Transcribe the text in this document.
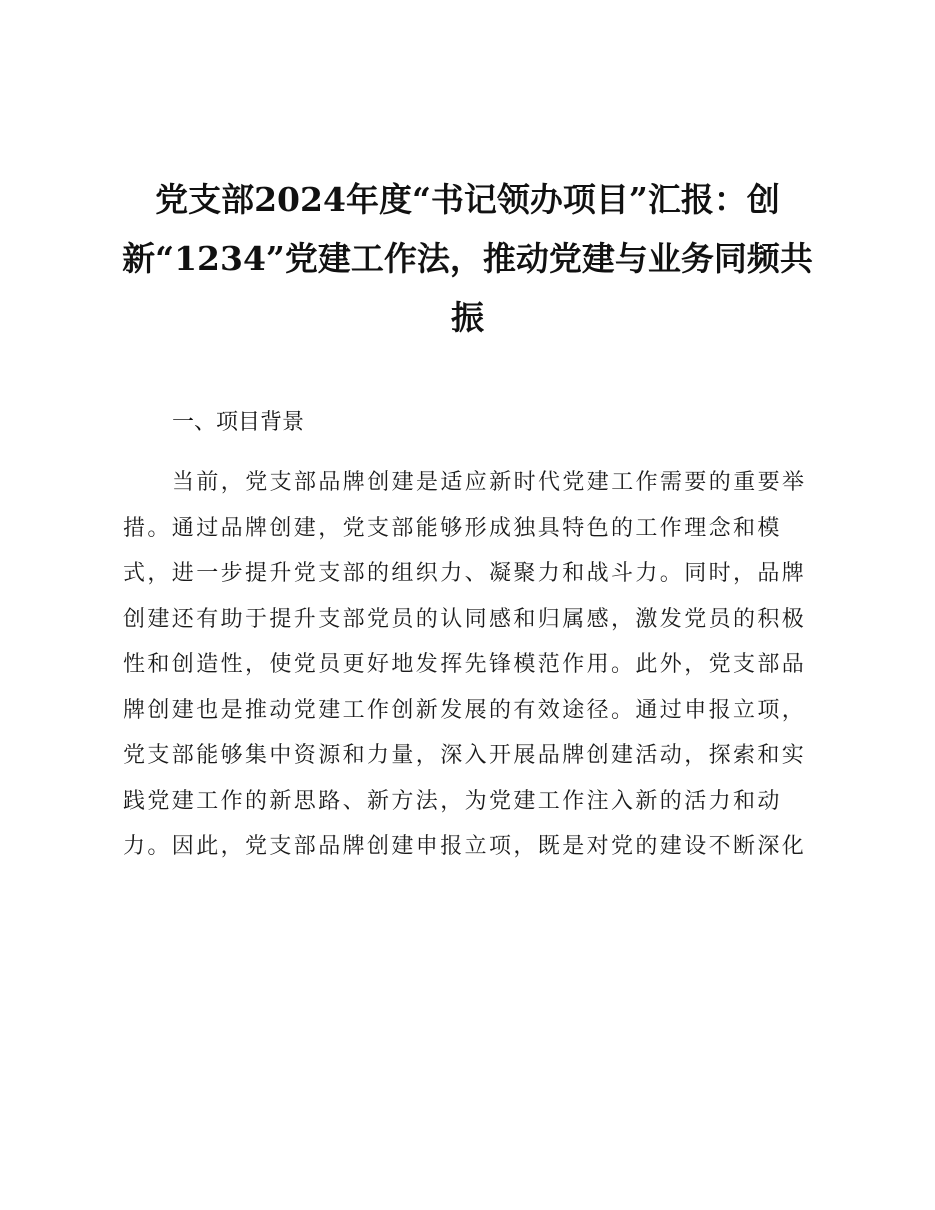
党支部2024年度“书记领办项目”汇报：创新“1234”党建工作法，推动党建与业务同频共振
一、项目背景
当前，党支部品牌创建是适应新时代党建工作需要的重要举
措。通过品牌创建，党支部能够形成独具特色的工作理念和模
式，进一步提升党支部的组织力、凝聚力和战斗力。同时，品牌
创建还有助于提升支部党员的认同感和归属感，激发党员的积极
性和创造性，使党员更好地发挥先锋模范作用。此外，党支部品
牌创建也是推动党建工作创新发展的有效途径。通过申报立项，
党支部能够集中资源和力量，深入开展品牌创建活动，探索和实
践党建工作的新思路、新方法，为党建工作注入新的活力和动
力。因此，党支部品牌创建申报立项，既是对党的建设不断深化
